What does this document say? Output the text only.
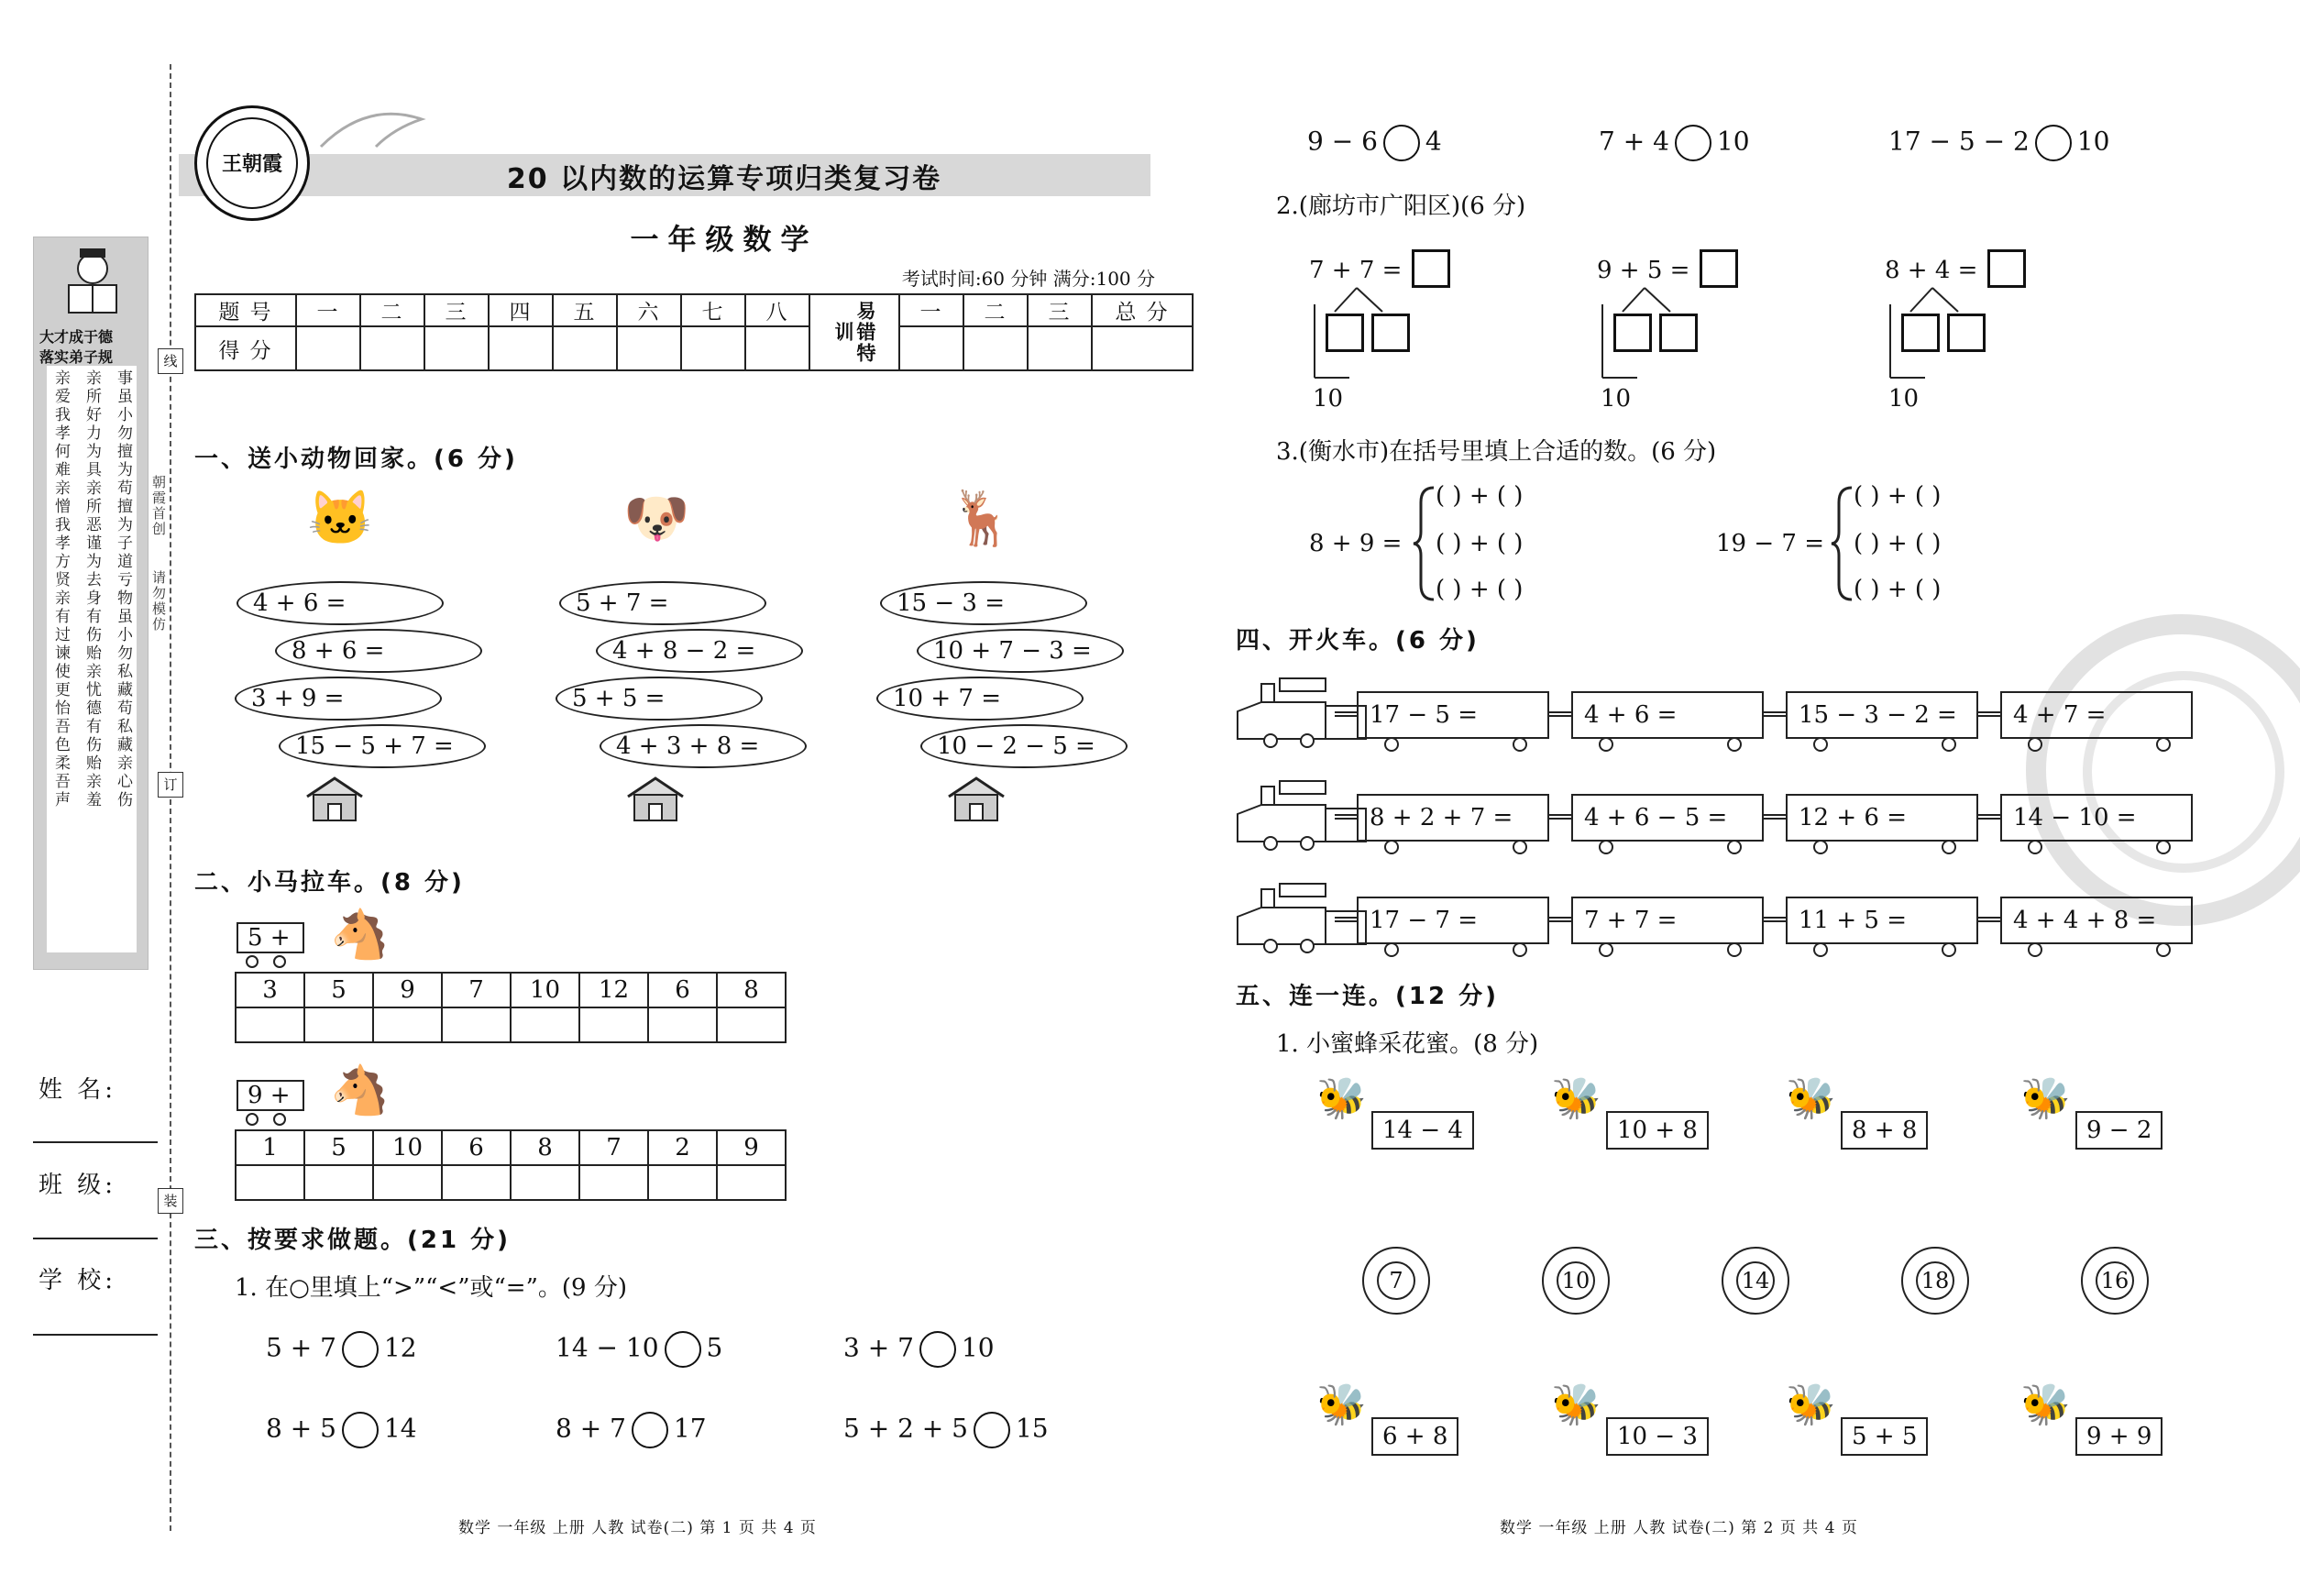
线
订
装
朝霞首创
请勿模仿
大才成于德
落实弟子规
亲爱我孝何难亲憎我孝方贤亲有过谏使更怡吾色柔吾声 亲所好力为具亲所恶谨为去身有伤贻亲忧德有伤贻亲羞 事虽小勿擅为苟擅为子道亏物虽小勿私藏苟私藏亲心伤
姓 名:
班 级:
学 校:
王朝霞	20 以内数的运算专项归类复习卷
一年级数学
考试时间:60 分钟 满分:100 分
题 号	一	二	三	四	五	六	七	八	易错特训	一	二	三	总 分
得 分													
一、送小动物回家。(6 分)
🐱	🐶	🦌
4 + 6 =
8 + 6 =
3 + 9 =
15 − 5 + 7 =
5 + 7 =
4 + 8 − 2 =
5 + 5 =
4 + 3 + 8 =
15 − 3 =
10 + 7 − 3 =
10 + 7 =
10 − 2 − 5 =
二、小马拉车。(8 分)
5 + 🐴
3	5	9	7	10	12	6	8

9 + 🐴
1	5	10	6	8	7	2	9

三、按要求做题。(21 分)
1. 在○里填上“>”“<”或“=”。(9 分)
5 + 7 12	14 − 10 5	3 + 7 10
8 + 5 14	8 + 7 17	5 + 2 + 5 15
数学 一年级 上册 人教 试卷(二) 第 1 页 共 4 页
9 − 6 4	7 + 4 10	17 − 5 − 2 10
2.(廊坊市广阳区)(6 分)
7 + 7 =
10
9 + 5 =
10
8 + 4 =
10
3.(衡水市)在括号里填上合适的数。(6 分)
8 + 9 =
( ) + ( )
( ) + ( )
( ) + ( )
19 − 7 =
( ) + ( )
( ) + ( )
( ) + ( )
四、开火车。(6 分)
17 − 5 =	4 + 6 =	15 − 3 − 2 =	4 + 7 =
8 + 2 + 7 =	4 + 6 − 5 =	12 + 6 =	14 − 10 =
17 − 7 =	7 + 7 =	11 + 5 =	4 + 4 + 8 =
五、连一连。(12 分)
1. 小蜜蜂采花蜜。(8 分)
🐝
14 − 4
🐝
10 + 8
🐝
8 + 8
🐝
9 − 2
7	10	14	18	16
🐝
6 + 8
🐝
10 − 3
🐝
5 + 5
🐝
9 + 9
数学 一年级 上册 人教 试卷(二) 第 2 页 共 4 页
